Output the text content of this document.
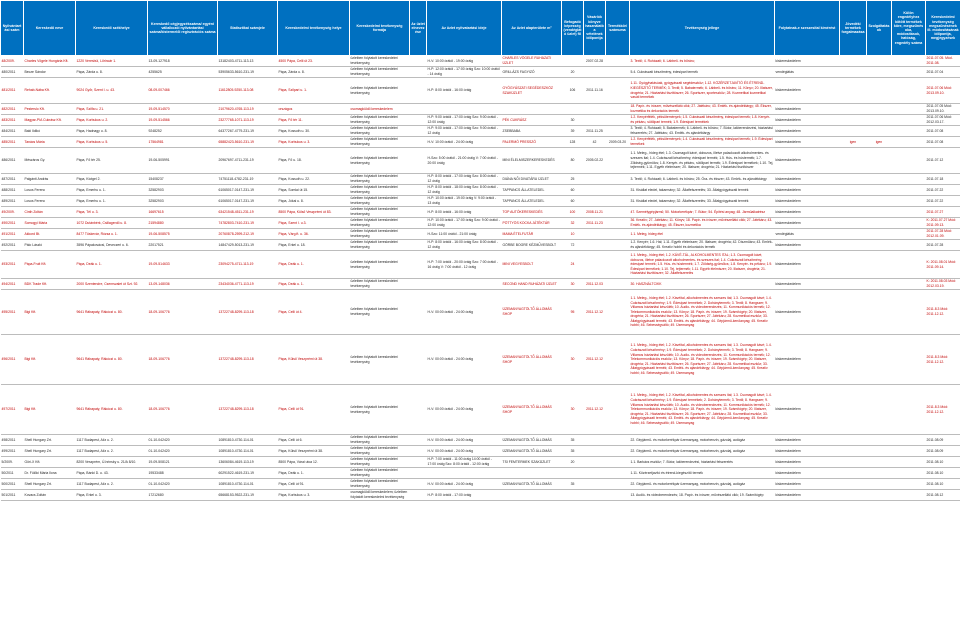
Nyilvántartási szám	Kereskedő neve	Kereskedő székhelye	Kereskedő cégjegyzékszáma/ egyéni vállalkozói nyilvántartási száma/kistermelői regisztrációs száma	Statisztikai számjele	Kereskedelmi tevékenység helye	Kereskedelmi tevékenység formája	Az üzlet elnevezése	Az üzlet nyitvatartási ideje	Az üzlet alapterülete m²	Befogadó képesség (vendéglátó üzlet) fő	Vásárlók könyve használatba vételének időpontja	Termékkör/számuma	Tevékenység jellege	Folytatnak-e szeszesital kimérést	Jövedéki termékek forgalmazása	Szolgáltatások	Külön engedélyhez kötött termékek köre, megszűnés oka, módosítások, hatóság, engedély száma	Kereskedelmi tevékenység megszűnésének ill. módosításának időpontja, megjegyzések
48/2009.	Charles Vögele Hungária Kft.	1220 Veresbúi, Lőrincár 1.	13-09-127918	13182403-4711-113-13	4500 Pápa, Celli út 23.	üzletben folytatott kereskedelmi tevékenység		H-V: 10:00 órától - 19:00 óráig	CHARLES VÖGELE RUHÁZATI ÜZLET		2007.02.28		3. Textil; 4. Ruházati; 6. Lábbeli- és bőráru;	kiskereskedelem				2011.07.05. Mód. 2011.08.
480/2011	Becze Sándor	Pápa, Zárda u. 8.	4255625	53905633-5610-231-19	Pápa, Zárda u. 8.	üzletben folytatott kereskedelmi tevékenység		H-P: 12:00 órától - 17:00 óráig Szo: 10:00 órától - 14 óráig	GRILLÁZS FAGYIZÓ	20			5.4. Cukrászati készítmény, édesipari termék	vendéglátás				2011.07.04
481/2011	Rehab-Nába Kft.	9024 Győr, Szent I. u. 43.	08-09-007466	11612805-9250-113-08	Pápa, Szilpari u. 1.	üzletben folytatott kereskedelmi tevékenység		H-P: 8:00 órától - 16:00 óráig	GYÓGYÁSZATI SEGÉDESZKÖZ SZAKÜZLET	106	2011.11.16		1.11. Gyógyhatásúak, gyógyászati segédeszköz; 1.12. KÖZÉRZETJAVÍTÓ ÉS ÉTREND-KIEGÉSZÍTŐ TERMÉK; 3. Textil; 5. Babatermék; 6. Lábbeli- és bőráru; 11. Könyv; 20. Illatszer, drogéria; 21. Háztartási tisztítószer; 26. Sportszer, sporteszköz; 28. Kozmetikai kozmetikai vasúti termékek	kiskereskedelem				2011.07.06 Mód: 2013.09.10.
482/2011	Pesterslo Kft.	Pápa, Szilfa u. 21.	19-09-514570	21079620-4765-113-19	országos	csomagküldő kereskedelem							18. Papír- és írószer, művészellátó cikk; 27. Játékáru; 43. Emlék- és ajándéktárgy; 45. Ékszer, kozmetika és dekorációs termék	kiskereskedelem				2011.07.05 Mód: 2013.09.10.
483/2011	Magyar-PIA Cukrász Kft.	Pápa, Korbukus u. 2.	19-09-514566	23277765-1071-113-19	Pápa, Fő tér 11.	üzletben folytatott kereskedelmi tevékenység		H-P: 9:00 órától - 17:00 óráig Szo: 9:00 órától - 12:00 óráig	PÉK CUKRÁSZ	30			1.2. Kenyérfélék, péksütemények; 1.5. Cukrászati készítmény, édesipari termék; 1.8. Kenyér- és pékáru, sütőipari termék; 1.9. Édesipari termékek	kiskereskedelem				2011.07.06 Mód: 2012.03.17.
484/2011	Baki Ildikó	Pápa, Hadnagy u. 8.	9248252	64377267-4779-231-19	Pápa, Kossuth u. 30.	üzletben folytatott kereskedelmi tevékenység		H-P: 9:00 órától - 17:00 óráig Szo: 9:00 órától - 12 óráig	ZSEBBABA	39	2011.11.25		3. Textil; 4. Ruházati; 5. Babatermék; 6. Lábbeli- és bőráru; 7. Bútor, lakberendezési, háztartási felszerelés; 27. Játékáru; 43. Emlék- és ajándéktárgy	kiskereskedelem				2011.07.08
485/2011	Tanács Mária	Pápa, Korbukus u. 5.	17564981	65882423-5610-231-19	Pápa, Korbukus u. 3.	üzletben folytatott kereskedelmi tevékenység		H-V: 10:00 órától - 24:00 óráig	PALERMÓ PRESSZÓ	128	42	2009.03.20	1.2. Kenyérfélék, péksütemények; 1.4. Cukrászati készítmény, édesipari termék; 1.9. Édesipari termékek	kiskereskedelem	igen	igen		2011.07.08
486/2011	Mészáros Gy.	Pápa, Fő tér 25.	19-06-505991	20967697-4711-231-19	Pápa, Fő u. 18.	üzletben folytatott kereskedelmi tevékenység		H-Szo: 5:00 órától - 21:00 óráig V: 7:00 órától - 20:00 óráig	MINI ÉLELMISZERKERESKEDÉS	80	2005.02.22		1.1. Meleg-, hideg étel; 1.3. Csomagolt kávé, dobozos, illetve palackozott alkoholmentes- és szeszes ital; 1.4. Cukrászati készítmény, édesipari termék; 1.5. Hús- és hústermék; 1.7. Zöldség-gyümölcs; 1.8. Kenyér- és pékáru, sütőipari termék; 1.9. Édesipari termékek; 1.10. Tej, tejtermék; 1.11. Egyéb élelmiszer; 20. Illatszer, drogéria; 21. Háztartási tisztítószer	kiskereskedelem				2011.07.12
487/2011	Palgánti András	Pápa, Kiotgel 2.	15408237	74751118-4782-231-19	Pápa, Kossuth u. 22.	üzletben folytatott kereskedelmi tevékenység		H-P: 8:00 órától - 17:00 óráig Szo: 8:00 órától - 12 óráig	DIÁNA NŐI DIVATÁRU ÜZLET	25			3. Textil; 4. Ruházati; 6. Lábbeli- és bőráru; 25. Óra- és ékszer; 43. Emlék- és ajándéktárgy	kiskereskedelem				2011.07.18
488/2011	Losos Ferenc	Pápa, Emerhu u. 1.	32582903	61065017-0147-231-19	Pápa, Somlai út 15.	üzletben folytatott kereskedelmi tevékenység		H-P: 8:00 órától - 18:00 óráig Szo: 8:00 órától - 12 óráig	TAPPANCS ÁLLATELEDEL	60			31. Kisállat eledel, takarmány; 32. Állatfelszerelés; 33. Állatgyógyászati termék	kiskereskedelem				2011.07.22
489/2011	Losos Ferenc	Pápa, Emerhu u. 1.	32582903	61065017-0147-231-19	Pápa, Jókai u. 8.	üzletben folytatott kereskedelmi tevékenység		H-P: 10:00 órától - 19:00 óráig V: 9:00 órától - 13 óráig	TAPPANCS ÁLLATELEDEL	60			31. Kisállat eledel, takarmány; 32. Állatfelszerelés; 33. Állatgyógyászati termék	kiskereskedelem				2011.07.22
49/2009.	Cinth Zoltán	Pápa, Tél u. 3.	16697615	63421548-4511-231-19	8500 Pápa, Külső Veszprémi út 83.	üzletben folytatott kereskedelmi tevékenység		H-P: 8:00 órától - 16:00 óráig	TOP AUTÓKERESKEDÉS	100	2008.11.21		47. Személygépjármű; 50. Motorkerékpár; 7. Bútor; 54. Építési anyag; 48. Járműalkatrész	kiskereskedelem				2011.07.27
490/2011	Somogyi Mária	1072 Dutánbérk, Csillagerdő u. 8.	21594880	74782803-7410-231-19	Pápa, Szent I. u.3.	üzletben folytatott kereskedelmi tevékenység		H-P: 10:00 órától - 17:00 óráig Szo: 9:00 órától - 12:00 óráig	PÖTTYÖS KOCKA JÁTÉKTÁR	32	2011.11.23		36. Kreatív; 27. Játékáru; 11. Könyv; 18. Papír- és írószer, művészellátó cikk; 27. Játékáru; 43. Emlék- és ajándéktárgy; 45. Ékszer, kozmetika	kiskereskedelem				K: 2011.07.27 Mód: 2011.09.13.
491/2011	Akkord Bt.	8477 Tüskevár, Rózsa u. 1.	19-06-508575	20760878-2599-212-19	Pápa, Várg.ft. u. 36.	üzletben folytatott kereskedelmi tevékenység		H-Szo: 11:00 órától - 21:00 óráig	MAMA ÉTELFUTÁR	10			1.1. Meleg, hideg étel	vendéglátás				2011.07.28 Mód: 2012.01.09.
492/2011	Pálo László	3596 Pápakovácsi, Deveczeri u. 6.	22017521	14847429-5013-231-19	Pápa, Erkel u. 18.	üzletben folytatott kereskedelmi tevékenység		H-P: 8:00 órától - 16:00 óráig Szo: 8:00 órától - 12 óráig	GÖRBE BOGRE KÉZMŰVESBOLT	72			1.2. Kenyér; 1.6. Hal; 1.11. Egyéb élelmiszer; 20. Illatszer, drogéria; 42. Díszműáru; 43. Emlék- és ajándéktárgy; 45. Kreatív hobbi és dekorációs termék	kiskereskedelem				2011.07.28
493/2011	Pápa-Fruit Kft.	Pápa, Deák u. 1.	19-09-514633	23094275-4711-113-19	Pápa, Deák u. 1.	üzletben folytatott kereskedelmi tevékenység		H-P: 7:00 órától - 20:00 óráig Szo: 7:00 órától - 16 óráig V: 7:00 órától - 12 óráig	MINI VEGYESBOLT	24			1.1. Meleg-, hideg étel; 1.2. KÁVÉ-TÁL, ALKOHOLMENTES ITAL; 1.3. Csomagolt kávé, dobozos, illetve palackozott alkoholmentes- és szeszes ital; 1.4. Cukrászati készítmény, édesipari termék; 1.5. Hús- és hústermék; 1.7. Zöldség-gyümölcs; 1.8. Kenyér- és pékáru; 1.9. Édesipari termékek; 1.10. Tej, tejtermék; 1.11. Egyéb élelmiszer; 20. Illatszer, drogéria; 21. Háztartási tisztítószer; 32. Állatfelszerelés	kiskereskedelem				K: 2011.08.01 Mód: 2011.09.14.
494/2011	BDK Trade Kft.	2000 Szentendre, Csenrszalet út Szt. 92.	13-09-148036	23434036-4771-113-19	Pápa, Deák u. 1.	üzletben folytatott kereskedelmi tevékenység			SECOND HAND RUHÁZATI ÜZLET	30	2011.12.03		30. HASZNÁLTCIKK	kiskereskedelem				K: 2011.08.03 Mód: 2012.03.19.
495/2011	Bigi Kft.	9641 Rábapaty, Rákóczi u. 80.	18-09-106776	13722748-8299-113-18	Pápa, Celli út 4.	üzletben folytatott kereskedelmi tevékenység		H-V: 00:00 órától - 24:00 óráig	ÜZEMANYAGTÖLTŐ ÁLLOMÁS SHOP	95	2011.12.12		1.1. Meleg-, hideg étel; 1.2. Kávéital, alkoholmentes és szeszes ital; 1.3. Csomagolt kávé; 1.4. Cukrászati készítmény; 1.9. Édesipari termékek; 2. Dohánytermék; 3. Textil; 8. Hangszer; 9. Villamos háztartási készülék; 10. Audio- és videoberendezés; 11. Kommunikációs termék; 12. Telekommunikációs eszköz; 13. Könyv; 18. Papír- és írószer; 19. Számítógép; 20. Illatszer, drogéria; 21. Háztartási tisztítószer; 26. Sportszer; 27. Játékáru; 28. Kozmetikai eszköz; 33. Állatgyógyászati termék; 43. Emlék- és ajándéktárgy; 44. Gépjármű-kenőanyag; 45. Kreatív hobbi; 46. Sebességváltó; 49. Üzemanyag	kiskereskedelem				2011.8.3 Mód: 2011.12.12.
496/2011	Bigi Kft.	9641 Rábapaty, Rákóczi u. 80.	18-09-106776	13722748-8299-113-18	Pápa, Külső Veszprémi út 38.	üzletben folytatott kereskedelmi tevékenység		H-V: 00:00 órától - 24:00 óráig	ÜZEMANYAGTÖLTŐ ÁLLOMÁS SHOP	30	2011.12.12		1.1. Meleg-, hideg étel; 1.2. Kávéital, alkoholmentes és szeszes ital; 1.3. Csomagolt kávé; 1.4. Cukrászati készítmény; 1.9. Édesipari termékek; 2. Dohánytermék; 3. Textil; 8. Hangszer; 9. Villamos háztartási készülék; 10. Audio- és videoberendezés; 11. Kommunikációs termék; 12. Telekommunikációs eszköz; 13. Könyv; 18. Papír- és írószer; 19. Számítógép; 20. Illatszer, drogéria; 21. Háztartási tisztítószer; 26. Sportszer; 27. Játékáru; 28. Kozmetikai eszköz; 33. Állatgyógyászati termék; 43. Emlék- és ajándéktárgy; 44. Gépjármű-kenőanyag; 45. Kreatív hobbi; 46. Sebességváltó; 49. Üzemanyag	kiskereskedelem				2011.8.3 Mód: 2011.12.12.
497/2011	Bigi Kft.	9641 Rábapaty, Rákóczi u. 80.	18-09-106776	13722748-8299-113-18	Pápa, Celli út 91.	üzletben folytatott kereskedelmi tevékenység		H-V: 00:00 órától - 24:00 óráig	ÜZEMANYAGTÖLTŐ ÁLLOMÁS SHOP	30	2011.12.12		1.1. Meleg-, hideg étel; 1.2. Kávéital, alkoholmentes és szeszes ital; 1.3. Csomagolt kávé; 1.4. Cukrászati készítmény; 1.9. Édesipari termékek; 2. Dohánytermék; 3. Textil; 8. Hangszer; 9. Villamos háztartási készülék; 10. Audio- és videoberendezés; 11. Kommunikációs termék; 12. Telekommunikációs eszköz; 13. Könyv; 18. Papír- és írószer; 19. Számítógép; 20. Illatszer, drogéria; 21. Háztartási tisztítószer; 26. Sportszer; 27. Játékáru; 28. Kozmetikai eszköz; 33. Állatgyógyászati termék; 43. Emlék- és ajándéktárgy; 44. Gépjármű-kenőanyag; 45. Kreatív hobbi; 46. Sebességváltó; 49. Üzemanyag	kiskereskedelem				2011.8.3 Mód: 2011.12.12.
498/2011	Shell Hungary Zrt.	1117 Budapest, Alíz u. 2.	01-10-042420	10891810-4730-114-01	Pápa, Celli út 6.	üzletben folytatott kereskedelmi tevékenység		H-V: 00:00 órától - 24:00 óráig	ÜZEMANYAGTÖLTŐ ÁLLOMÁS	35			22. Gépjármű- és motorkerékpár üzemanyag, motorbenzin, gázolaj, autógáz	kiskereskedelem				2011.08.09
499/2011	Shell Hungary Zrt.	1117 Budapest, Alíz u. 2.	01-10-042420	10891810-4730-114-01	Pápa, Külső Veszprémi út 38.	üzletben folytatott kereskedelmi tevékenység		H-V: 00:00 órától - 24:00 óráig	ÜZEMANYAGTÖLTŐ ÁLLOMÁS	35			22. Gépjármű- és motorkerékpár üzemanyag, motorbenzin, gázolaj, autógáz	kiskereskedelem				2011.08.09
5/2009.	Göri-X Kft.	8200 Veszprém, Ú-hrinsky u. 21/A 8/10.	19-09-508121	13606084-4619-113-19	8500 Pápa, Várai utca 12.	üzletben folytatott kereskedelmi tevékenység		H-P: 7:00 órától - 11:00 óráig 14:00 órától - 17:00 óráig Szo: 8:00 órától - 12:00 óráig	TSI FEMTERMEK SZAKÜZLET	20			1.1. Barkács eszköz; 7. Bútor, lakberendezési, háztartási felszerelés	kiskereskedelem				2011.08.10
50/2011	Dr. Fülöki Mária Ilona	Pápa, Bánki D. u. 43.	19533488	60291522-4619-231-19	Pápa, Deák u. 1.	üzletben folytatott kereskedelmi tevékenység							1.11. Közérzetjavító és étrend-kiegészítő termék	kiskereskedelem				2011.08.10
500/2011	Shell Hungary Zrt.	1117 Budapest, Alíz u. 2.	01-10-042420	10891810-4730-114-01	Pápa, Celli út 91.	üzletben folytatott kereskedelmi tevékenység		H-V: 00:00 órától - 24:00 óráig	ÜZEMANYAGTÖLTŐ ÁLLOMÁS	35			22. Gépjármű- és motorkerékpár üzemanyag, motorbenzin, gázolaj, autógáz	kiskereskedelem				2011.08.10
501/2011	Kovacs Zoltán	Pápa, Erkel u. 3.	17212680	65668153-9522-231-19	Pápa, Korbukus u. 3.	csomagküldő kereskedelem; üzletben folytatott kereskedelmi tevékenység		H-P: 8:00 órától - 17:00 óráig					13. Audió- és videoberendezés; 18. Papír- és írószer, művészellátó cikk; 19. Számítógép	kiskereskedelem				2011.08.12
